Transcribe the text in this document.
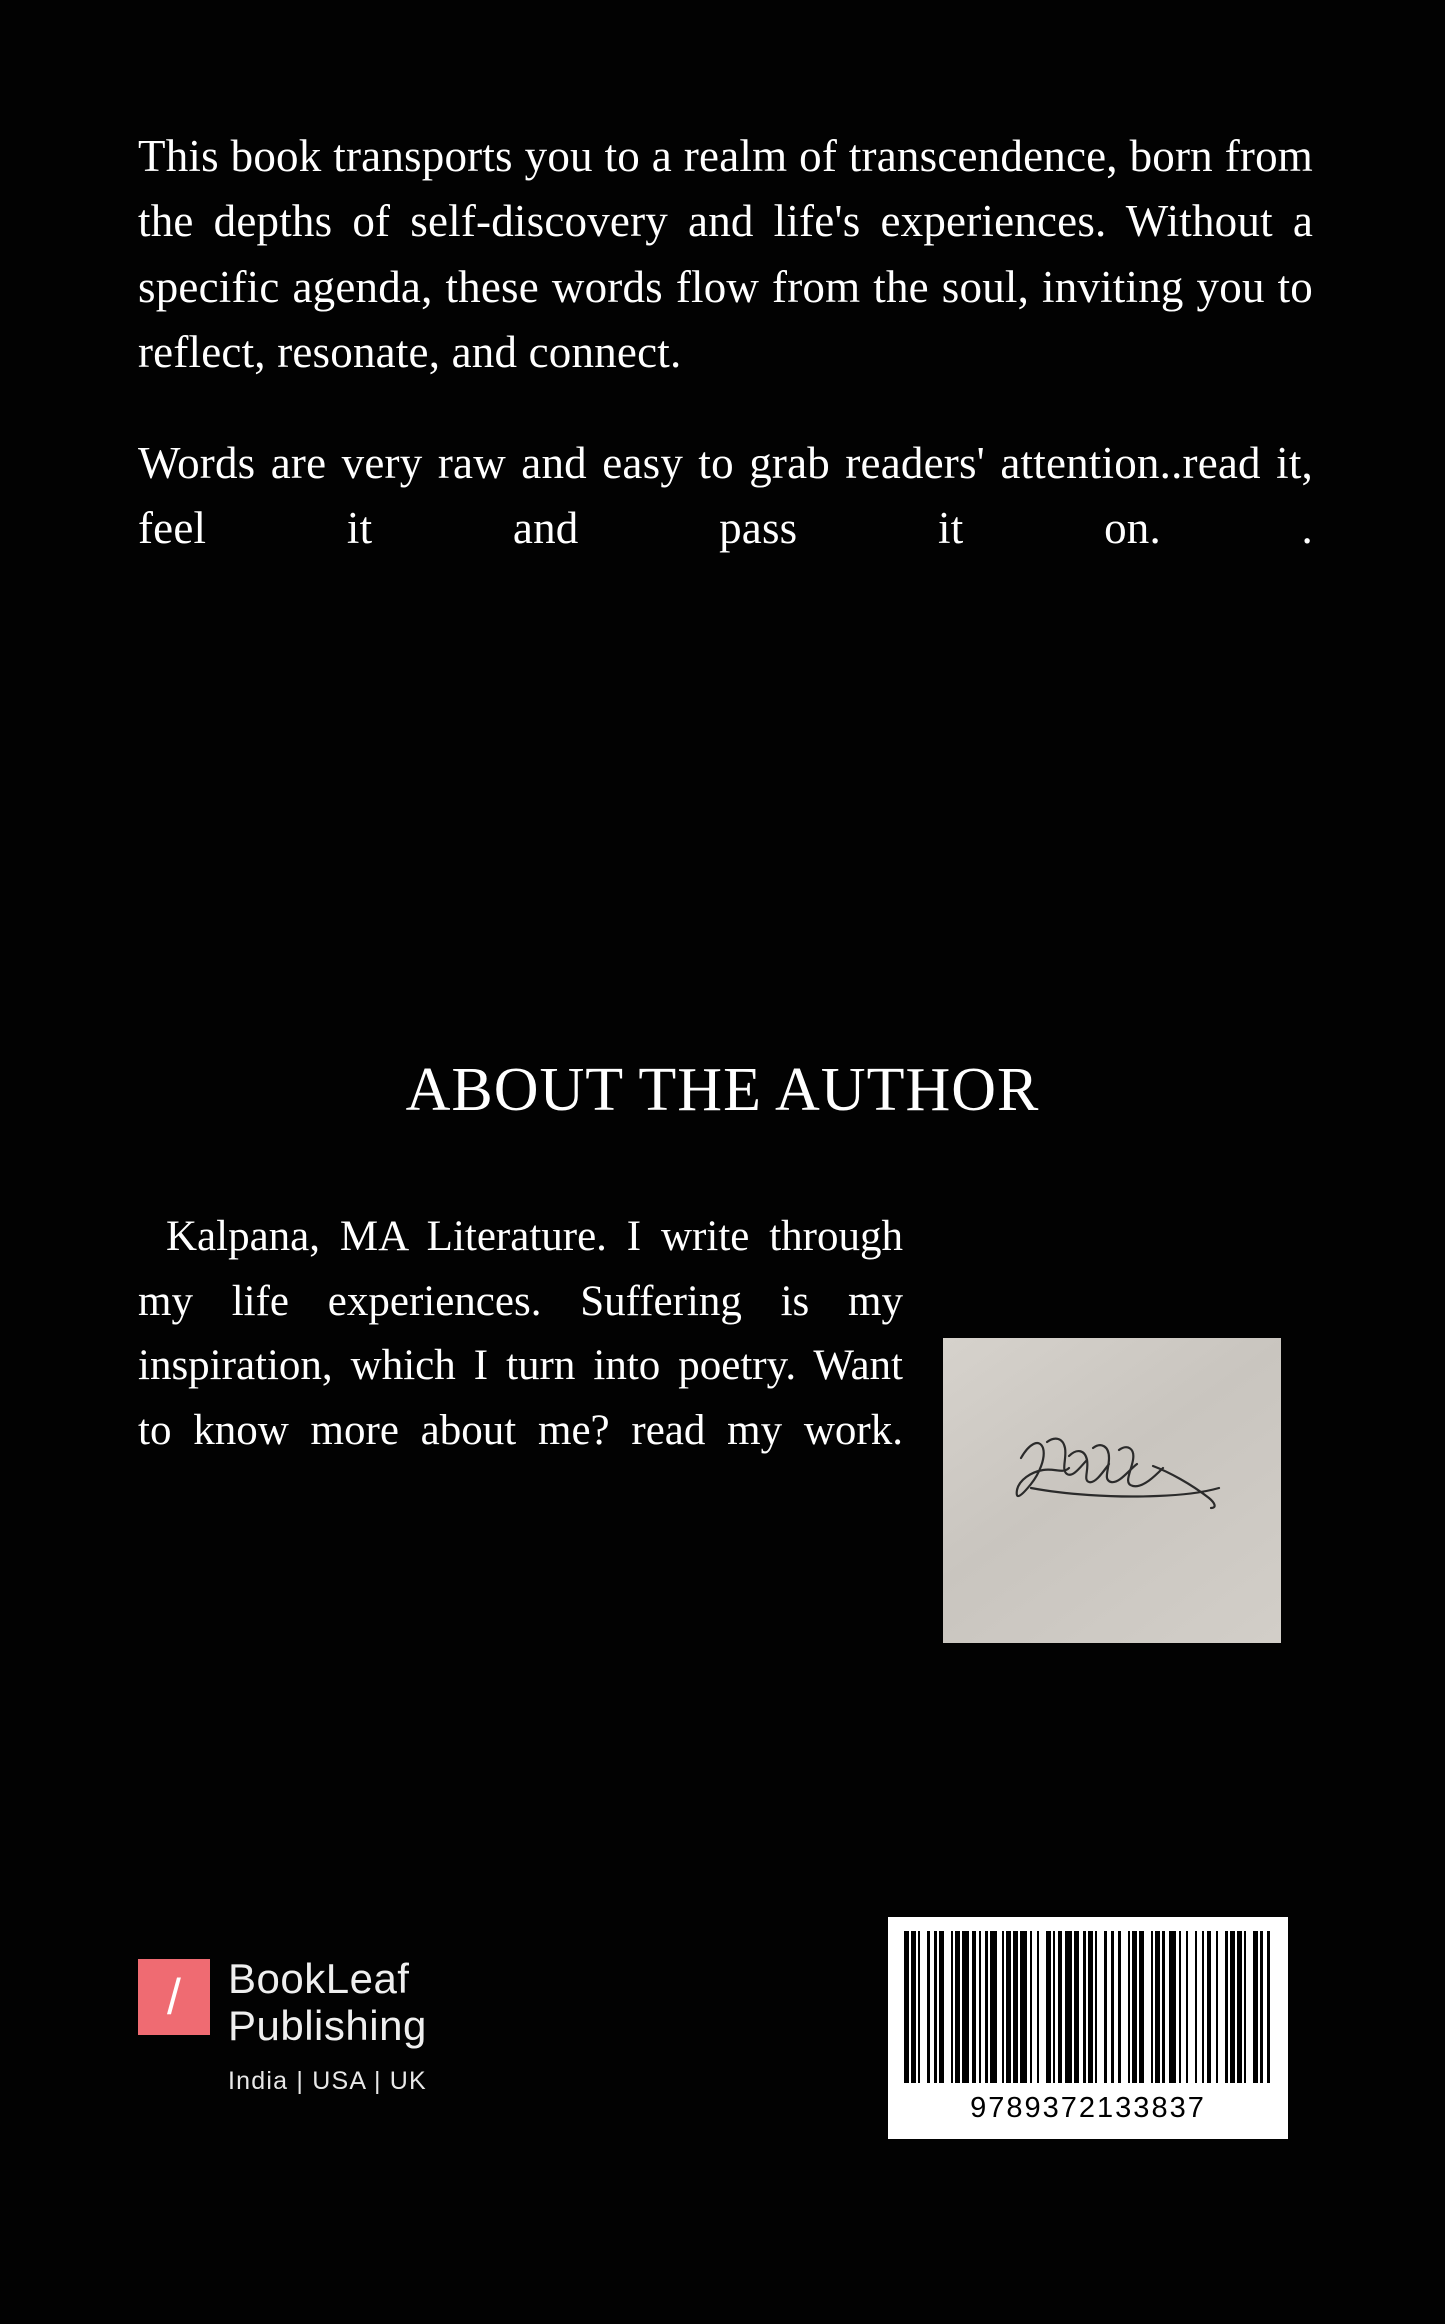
This book transports you to a realm of transcendence, born from the depths of self-discovery and life's experiences. Without a specific agenda, these words flow from the soul, inviting you to reflect, resonate, and connect.

Words are very raw and easy to grab readers' attention..read it, feel it and pass it on. .

ABOUT THE AUTHOR
Kalpana, MA Literature. I write through my life experiences. Suffering is my inspiration, which I turn into poetry. Want to know more about me? read my work.
/ BookLeaf
Publishing
India | USA | UK
9789372133837
